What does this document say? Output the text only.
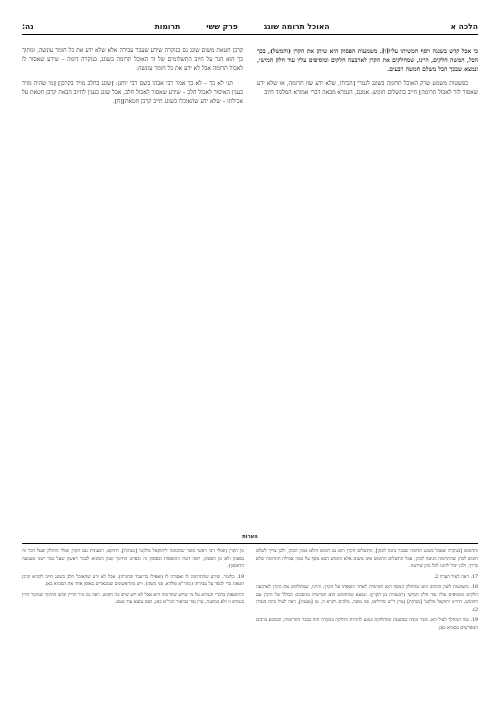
הלכה א
האוכל תרומה שוגג
פרק ששי
תרומות
נה:

כי אכל קדש בשגגה ויסף חמשיתו עליו[ו]. משמעות הפסוק היא שיתן את הקרן (והמשל), בכך הכל, חמשה חלקים, היינו, שמחלקים את הקרן לארבעה חלקים ומוסיפים עליו עוד חלק חמישי, ונמצא שבכך הכל משלם חמשה רבעים.

בפשטות משמע שרק האוכל תרומה בשוגג לגמרי [הכיחו, שלא ידע שזו תרומה, או שלא ידע שאסור לזר לאכול תרומה] חייב בתשלום חומש. אמנם, הגמרא מבאה דברי אמורא המלמד חיוב

קרבן חטאת משום שוגג גם בנוקרה שידע שעבר עבירה אלא שלא ידע את כל חומר עונשה, ומתוך כך הוא הנר על חיוב התשלומים של זר האוכל תרומה בשוגג, בנוקרה דומה – שידע שאסור לו לאכול תרומה אבל לא ידע את כל חומר עונשה:

תני לא כך – לא כך אמר רבי אבהו בשם רבי יוחנן: [שוגג בחלב מויד בקרבן] [מי שהיה מזיד בענין האיסור לאכול חלב – שידע שאסור לאכול חלב, אבל שוגג בענין לחיוב הבאת קרבן חטאת על אכילתו – שלא ידע שהאוכלו בשוגג חייב קרבן חטאת][ח].

הערות

והחומש [בנוקרה שאכל בשוגג תרומה שבכר נתנה לכהן], התשלום הקרן הוא גם חומש וחלא ממון הכהן, ולכן צריך לשלם חומש לכהן שהתרומה הגיעה לכהן, אבל התשלום החומש אינו משום אלא החמש הבא נוסף על ממון אכילת התרומה שלא בדרך, ולכן יכול ליתנו לכל כהן שירצה.

17. ראה לעיל הערה 2.

18. משמעות לשון הכתוב הוא שהחלק הנוסף הוא חמישית לאחר הוספתו על הקרן; והיינו, שמחלקים את הקרן לארבעה חלקים ומוסיפים עליו עוד חלק חמישי (רבעונית מן הקרן). ונמצא שהחומש הוא חמישית מהסכום הכולל של הקרן עם החומש, דהיינו יחוקאל מלקט' [מנחות] (עיין ר"ש סירליאו, פני משה, מלבים ויקרא ה, טז [טענת], ראה לעיל כחת הערה 2).

19. כמו המהלך לעיל הא, וכבר מוכח שבשעת המחלוקת בנוגע להורות וחלוקה במקרה הזה בבכר התרומות, וכמובא ברבים המפרשים בסוגיא כאן.

מן הקרן (ואולי רבי ראשי סובר שהכוונה ליחוקאל מלקט' [מנחות], ודווקא, רבעונית עם הקרן ואולי החולק שעל דבר זה בפסוק ולא מן הפסוק, ראה דעת התוספות ובפסוק זה ובפרט החינוך שמן הסוגיא לבכר ראשון שעל בכר ישני מטבעה הראשון).

19. כלומר, שידע שהתרומה לו ואסורה לו (ואפילו בדיעבד ובתורה), אבל לא ידע שהאוכל חלב בשוגג חייב להביא קרבן חטאת כדי לכפר על עבירתו (מהר"א פולדא, פני משה). ויש מהראשונים שמבארים באופן אחר את הסוגיא כאן.

והתוספות בדברי הגמרא על מי שידע שתרומה היא אבל לא ידע שיש בה חומש, ראה גם נזיר הדיין וכתב החינוך שמקור הדין בגמרא זו ולא במשנה, עיין עוד בביאור הגר"א כאן, ושם נמצא עוד טעם.
